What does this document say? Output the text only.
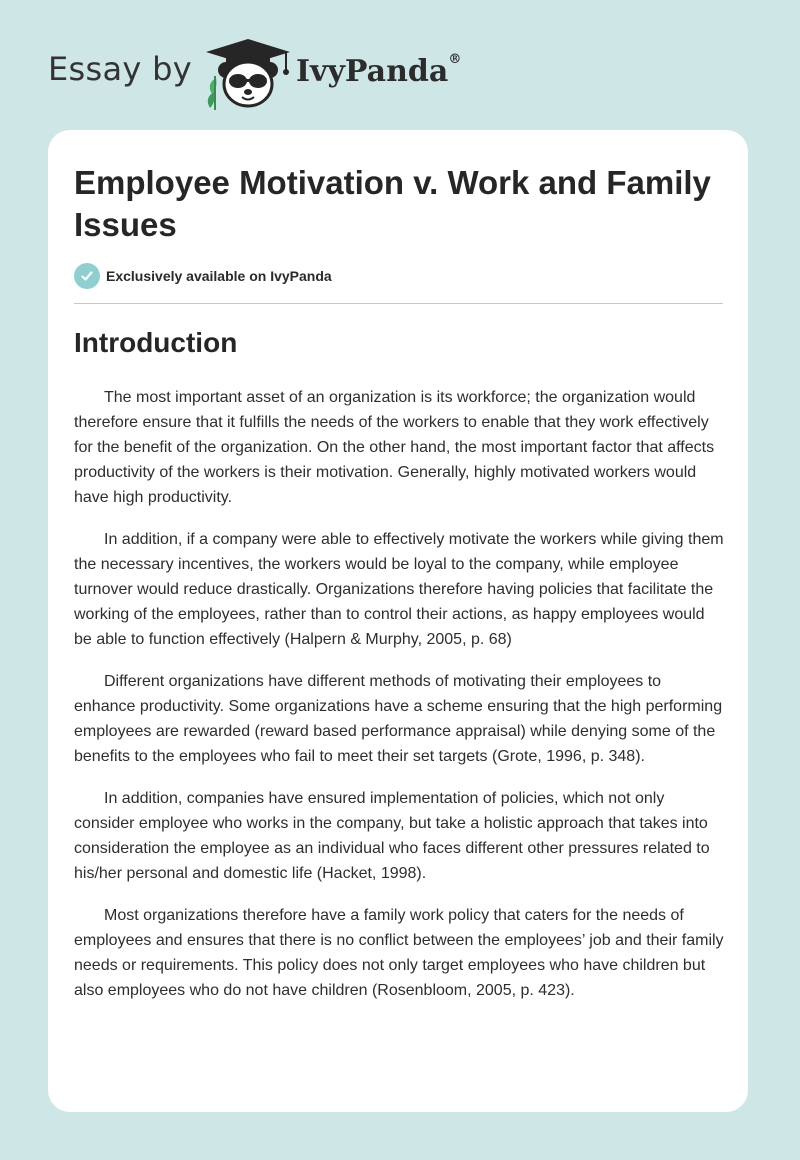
Essay by	IvyPanda®
Employee Motivation v. Work and Family Issues
Exclusively available on IvyPanda
Introduction

The most important asset of an organization is its workforce; the organization would therefore ensure that it fulfills the needs of the workers to enable that they work effectively for the benefit of the organization. On the other hand, the most important factor that affects productivity of the workers is their motivation. Generally, highly motivated workers would have high productivity.

In addition, if a company were able to effectively motivate the workers while giving them the necessary incentives, the workers would be loyal to the company, while employee turnover would reduce drastically. Organizations therefore having policies that facilitate the working of the employees, rather than to control their actions, as happy employees would be able to function effectively (Halpern & Murphy, 2005, p. 68)

Different organizations have different methods of motivating their employees to enhance productivity. Some organizations have a scheme ensuring that the high performing employees are rewarded (reward based performance appraisal) while denying some of the benefits to the employees who fail to meet their set targets (Grote, 1996, p. 348).

In addition, companies have ensured implementation of policies, which not only consider employee who works in the company, but take a holistic approach that takes into consideration the employee as an individual who faces different other pressures related to his/her personal and domestic life (Hacket, 1998).

Most organizations therefore have a family work policy that caters for the needs of employees and ensures that there is no conflict between the employees’ job and their family needs or requirements. This policy does not only target employees who have children but also employees who do not have children (Rosenbloom, 2005, p. 423).
